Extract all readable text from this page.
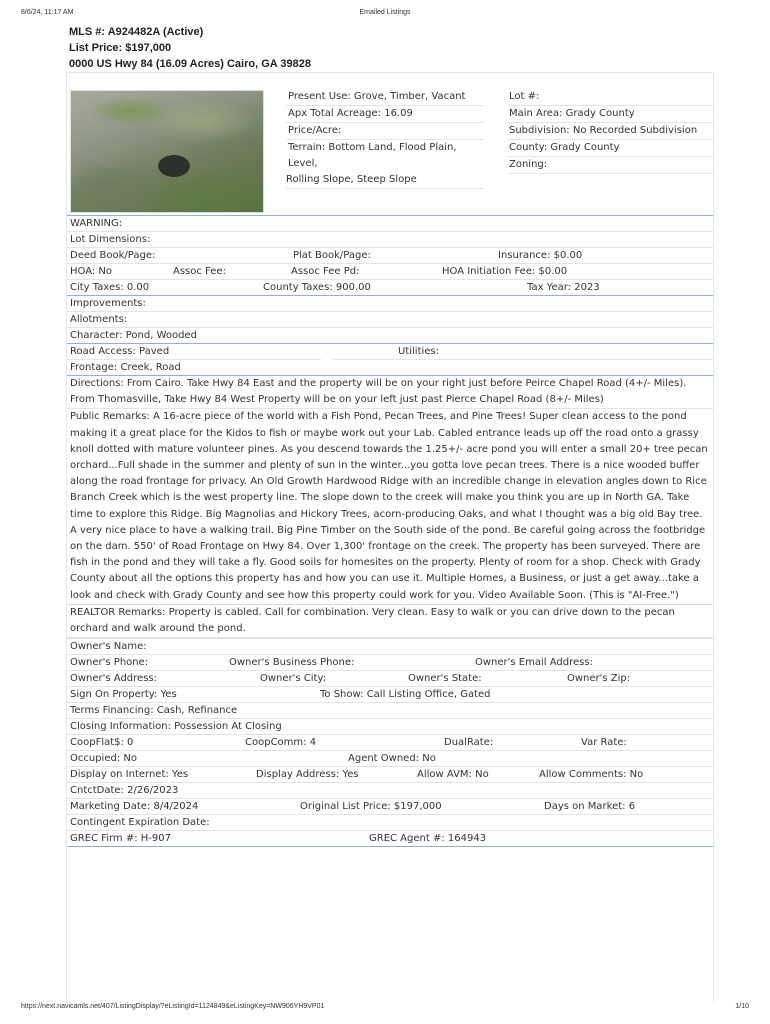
8/6/24, 11:17 AM	Emailed Listings
MLS #: A924482A (Active)
List Price: $197,000
0000 US Hwy 84 (16.09 Acres) Cairo, GA 39828
Present Use: Grove, Timber, Vacant
Apx Total Acreage: 16.09
Price/Acre:
Terrain: Bottom Land, Flood Plain, Level,
Rolling Slope, Steep Slope
Lot #:
Main Area: Grady County
Subdivision: No Recorded Subdivision
County: Grady County
Zoning:
WARNING:
Lot Dimensions:
Deed Book/Page:	Plat Book/Page:	Insurance: $0.00
HOA: No	Assoc Fee:	Assoc Fee Pd:	HOA Initiation Fee: $0.00
City Taxes: 0.00	County Taxes: 900.00	Tax Year: 2023
Improvements:
Allotments:
Character: Pond, Wooded
Road Access: Paved	Utilities:
Frontage: Creek, Road
Directions: From Cairo. Take Hwy 84 East and the property will be on your right just before Peirce Chapel Road (4+/- Miles). From Thomasville, Take Hwy 84 West Property will be on your left just past Pierce Chapel Road (8+/- Miles)
Public Remarks: A 16-acre piece of the world with a Fish Pond, Pecan Trees, and Pine Trees! Super clean access to the pond making it a great place for the Kidos to fish or maybe work out your Lab. Cabled entrance leads up off the road onto a grassy knoll dotted with mature volunteer pines. As you descend towards the 1.25+/- acre pond you will enter a small 20+ tree pecan orchard...Full shade in the summer and plenty of sun in the winter...you gotta love pecan trees. There is a nice wooded buffer along the road frontage for privacy. An Old Growth Hardwood Ridge with an incredible change in elevation angles down to Rice Branch Creek which is the west property line. The slope down to the creek will make you think you are up in North GA. Take time to explore this Ridge. Big Magnolias and Hickory Trees, acorn-producing Oaks, and what I thought was a big old Bay tree. A very nice place to have a walking trail. Big Pine Timber on the South side of the pond. Be careful going across the footbridge on the dam. 550' of Road Frontage on Hwy 84. Over 1,300' frontage on the creek. The property has been surveyed. There are fish in the pond and they will take a fly. Good soils for homesites on the property. Plenty of room for a shop. Check with Grady County about all the options this property has and how you can use it. Multiple Homes, a Business, or just a get away...take a look and check with Grady County and see how this property could work for you. Video Available Soon. (This is "AI-Free.")
REALTOR Remarks: Property is cabled. Call for combination. Very clean. Easy to walk or you can drive down to the pecan orchard and walk around the pond.
Owner's Name:
Owner's Phone:	Owner's Business Phone:	Owner's Email Address:
Owner's Address:	Owner's City:	Owner's State:	Owner's Zip:
Sign On Property: Yes	To Show: Call Listing Office, Gated
Terms Financing: Cash, Refinance
Closing Information: Possession At Closing
CoopFlat$: 0	CoopComm: 4	DualRate:	Var Rate:
Occupied: No	Agent Owned: No
Display on Internet: Yes	Display Address: Yes	Allow AVM: No	Allow Comments: No
CntctDate: 2/26/2023
Marketing Date: 8/4/2024	Original List Price: $197,000	Days on Market: 6
Contingent Expiration Date:
GREC Firm #: H-907	GREC Agent #: 164943
https://next.navicamls.net/407/ListingDisplay/?eListingId=1124849&eListingKey=NW906YH9VP01	1/10
